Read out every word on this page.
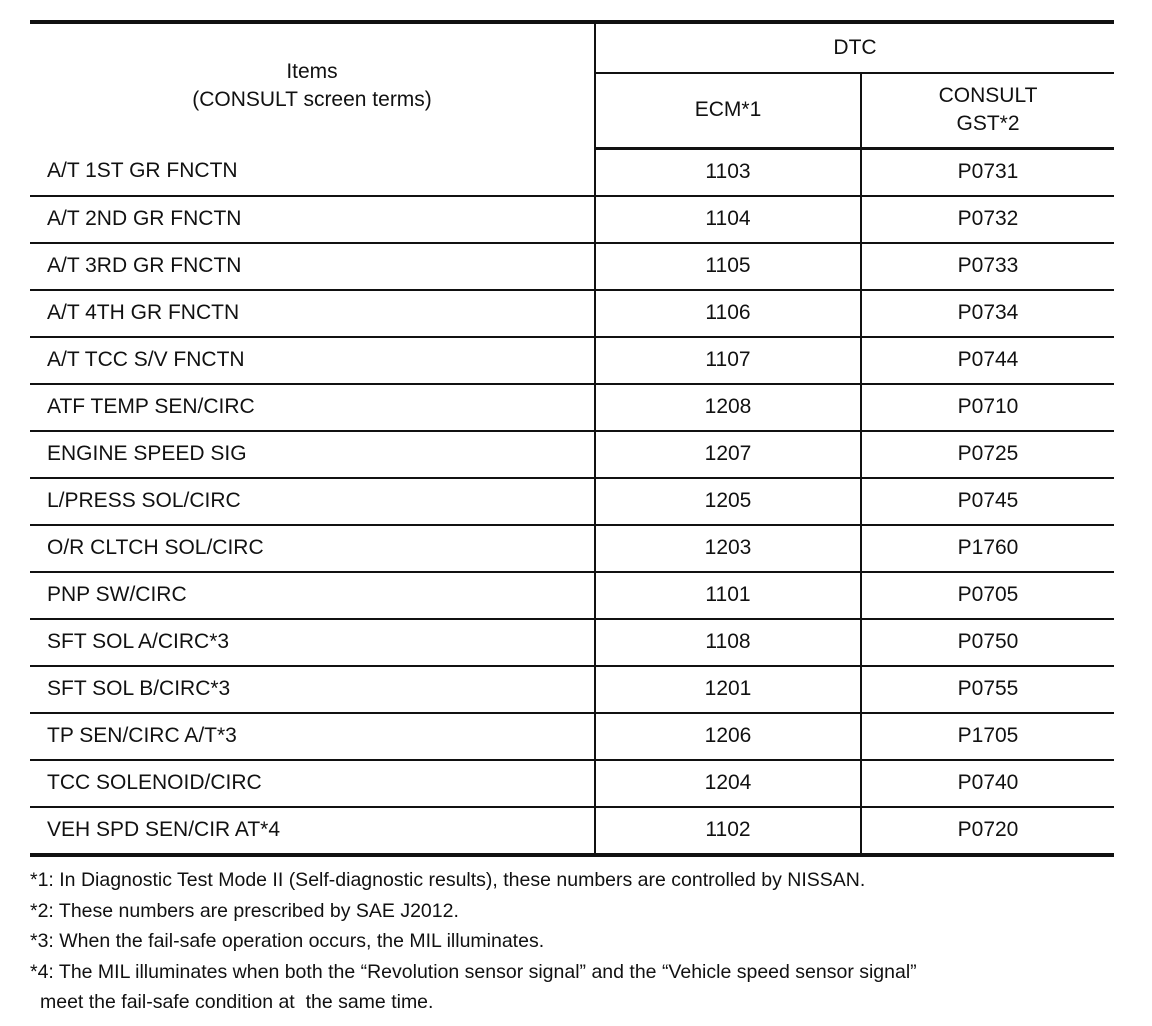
Items
(CONSULT screen terms)	DTC	
	ECM*1	CONSULT
GST*2

A/T 1ST GR FNCTN	1103	P0731
A/T 2ND GR FNCTN	1104	P0732
A/T 3RD GR FNCTN	1105	P0733
A/T 4TH GR FNCTN	1106	P0734
A/T TCC S/V FNCTN	1107	P0744
ATF TEMP SEN/CIRC	1208	P0710
ENGINE SPEED SIG	1207	P0725
L/PRESS SOL/CIRC	1205	P0745
O/R CLTCH SOL/CIRC	1203	P1760
PNP SW/CIRC	1101	P0705
SFT SOL A/CIRC*3	1108	P0750
SFT SOL B/CIRC*3	1201	P0755
TP SEN/CIRC A/T*3	1206	P1705
TCC SOLENOID/CIRC	1204	P0740
VEH SPD SEN/CIR AT*4	1102	P0720

*1: In Diagnostic Test Mode II (Self-diagnostic results), these numbers are controlled by NISSAN.

*2: These numbers are prescribed by SAE J2012.

*3: When the fail-safe operation occurs, the MIL illuminates.

*4: The MIL illuminates when both the “Revolution sensor signal” and the “Vehicle speed sensor signal”

meet the fail-safe condition at  the same time.
